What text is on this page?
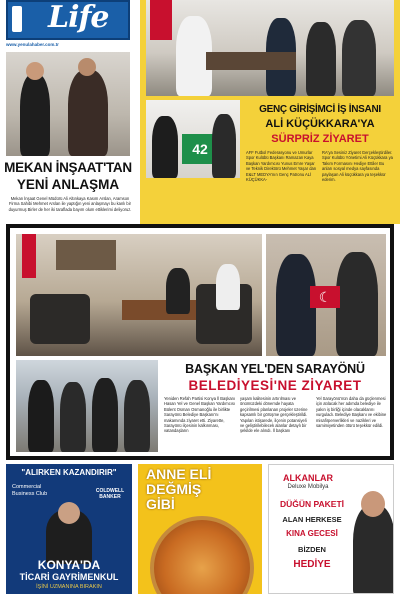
Life
www.yenulahaber.com.tr
MEKAN İNŞAAT'TAN
YENİ ANLAŞMA
Mekan İnşaat Genel Müdürü Ali Altınkaya Kasım Arslan, Aramson Firma Sahibi Mehmet Arslan ile yaptığın yeni anlaşmayı bu kanlı bir duyurmuş Birler de her iki taraflada bayım olum ettiklerimi deliyoruz.
42
GENÇ GİRİŞİMCİ İŞ İNSANI
ALİ KÜÇÜKKARA'YA
SÜRPRİZ ZİYARET
AFF Futbol Federasyonu ve Umurlar Spor Kulübü Başkanı Ramazan Kaya Başkan Yardımcısı Yunus Emre Yaşar ve Teknik Direktörü Mehmet Yaşar dan E&LT MEDYA'nın Genç Patronu ALİ KÜÇÜKKA-
RA'ya Sesiniz Ziyaret Gerçekleştirdiler. Spor Kulübü Yönetimi Ali Küçükkara ya Takım Formasını Hediye Ettiler Bu anları sosyal medya sayfasında paylaşan Ali küçükkara ya teşekkür ederim.
☾
BAŞKAN YEL'DEN SARAYÖNÜ
BELEDİYESİ'NE ZİYARET
Yeniden Refah Partisi Konya İl Başkanı Hasan Yel ve Genel Başkan Yardımcısı Bülent Osman Osmanoğlu ile birlikte Sarayönü Belediye Başkanı'nı makamında ziyaret etti. Ziyarette, Sarayönü ilçesinin kalkınması, vatandaşların
yaşam kalitesinin artırılması ve önümüzdeki dönemde hayata geçirilmesi planlanan projeler üzerine kapsamlı bir görüşme gerçekleştirildi. Yapılan istişarede, ilçenin potansiyeli ve geliştirilebilecek alanlar detaylı bir şekilde ele alındı. İl başkanı
Yel Sarayönü'nün daha da güçlenmesi için atılacak her adımda belediye ile yakın iş birliği içinde olacaklarını vurguladı. Belediye Başkanı ve ekibine misafirperverlikleri ve nazikleri ve samimiyetinden ötürü teşekkür edildi.
"ALIRKEN KAZANDIRIR"
Commercial Business Club	COLDWELL BANKER
KONYA'DA
TİCARİ GAYRİMENKUL
İŞİNİ UZMANINA BIRAKIN
ANNE ELİ
DEĞMİŞ
GİBİ
ALKANLAR
Deluxe Mobilya
DÜĞÜN PAKETİ
ALAN HERKESE
KINA GECESİ
BİZDEN
HEDİYE
